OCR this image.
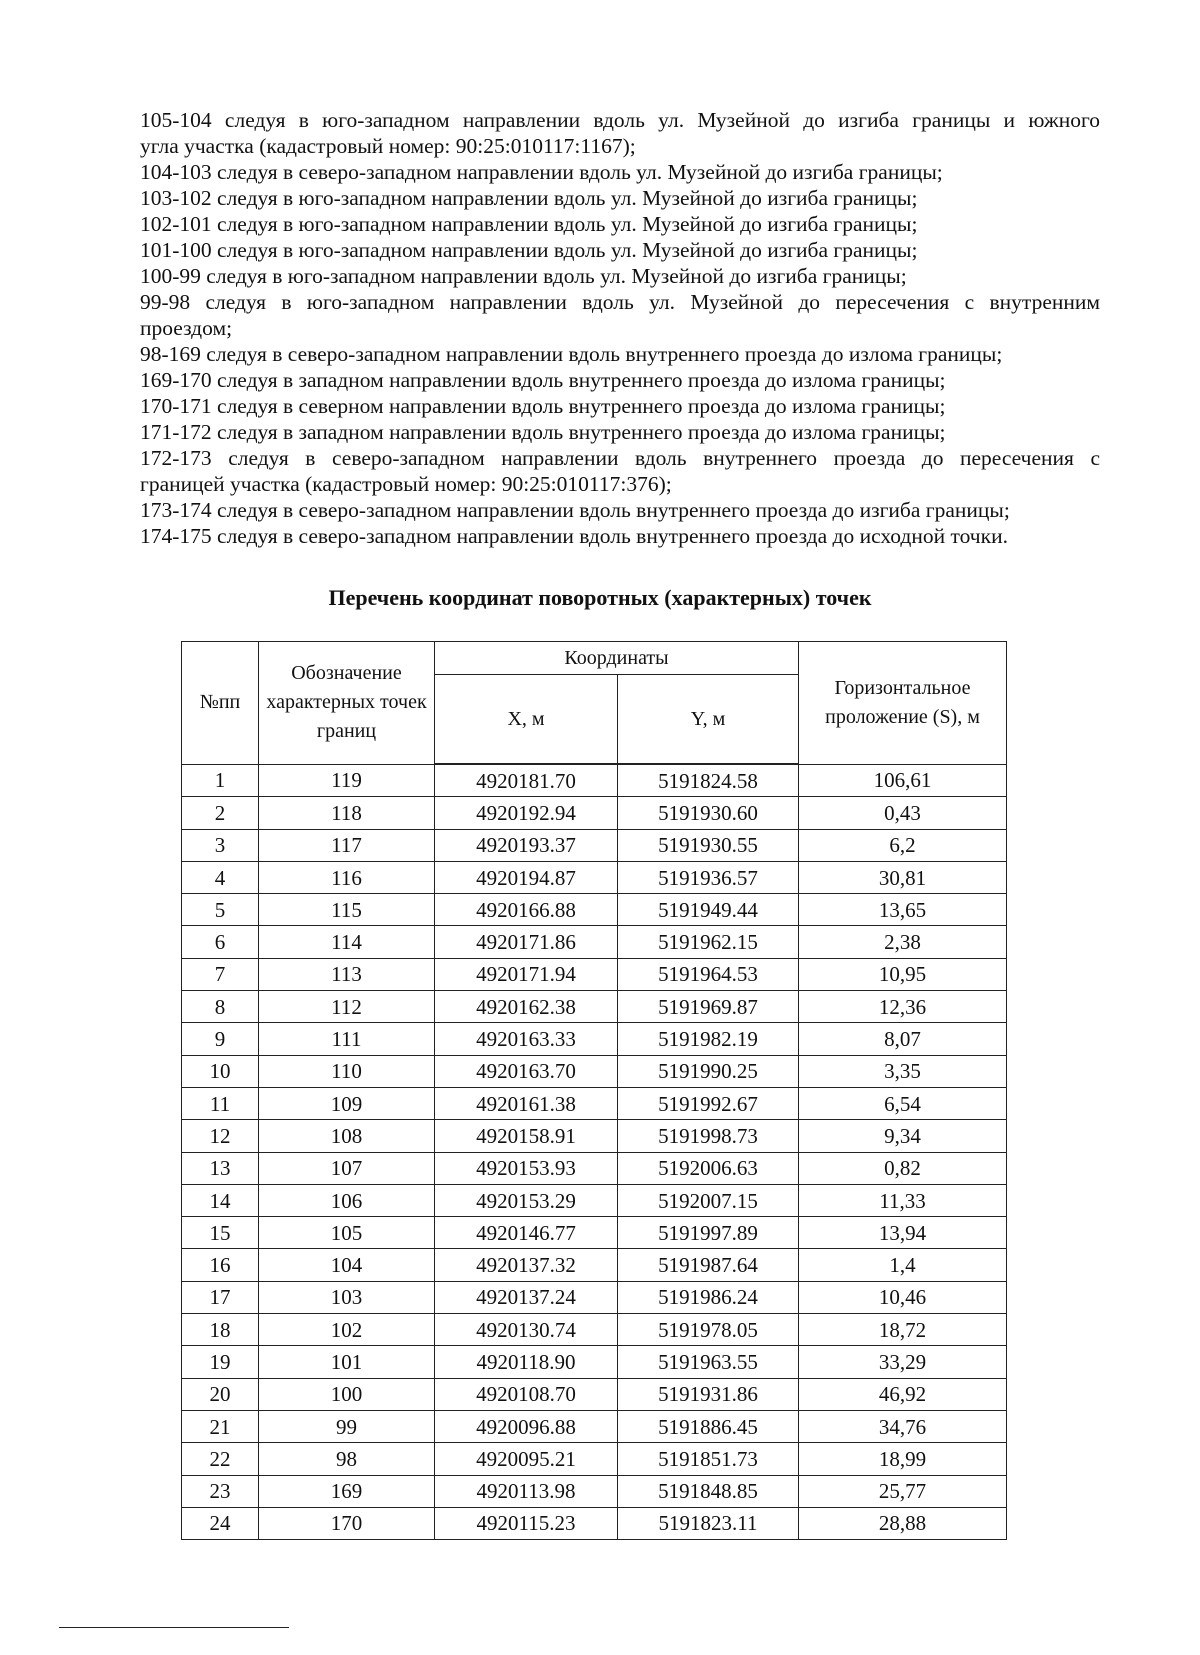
105-104 следуя в юго-западном направлении вдоль ул. Музейной до изгиба границы и южного

угла участка (кадастровый номер: 90:25:010117:1167);

104-103 следуя в северо-западном направлении вдоль ул. Музейной до изгиба границы;

103-102 следуя в юго-западном направлении вдоль ул. Музейной до изгиба границы;

102-101 следуя в юго-западном направлении вдоль ул. Музейной до изгиба границы;

101-100 следуя в юго-западном направлении вдоль ул. Музейной до изгиба границы;

100-99 следуя в юго-западном направлении вдоль ул. Музейной до изгиба границы;

99-98 следуя в юго-западном направлении вдоль ул. Музейной до пересечения с внутренним

проездом;

98-169 следуя в северо-западном направлении вдоль внутреннего проезда до излома границы;

169-170 следуя в западном направлении вдоль внутреннего проезда до излома границы;

170-171 следуя в северном направлении вдоль внутреннего проезда до излома границы;

171-172 следуя в западном направлении вдоль внутреннего проезда до излома границы;

172-173 следуя в северо-западном направлении вдоль внутреннего проезда до пересечения с

границей участка (кадастровый номер: 90:25:010117:376);

173-174 следуя в северо-западном направлении вдоль внутреннего проезда до изгиба границы;

174-175 следуя в северо-западном направлении вдоль внутреннего проезда до исходной точки.

Перечень координат поворотных (характерных) точек
№пп	Обозначение характерных точек границ	Координаты		Горизонтальное проложение (S), м
		X, м	Y, м	
1	119	4920181.70	5191824.58	106,61
2	118	4920192.94	5191930.60	0,43
3	117	4920193.37	5191930.55	6,2
4	116	4920194.87	5191936.57	30,81
5	115	4920166.88	5191949.44	13,65
6	114	4920171.86	5191962.15	2,38
7	113	4920171.94	5191964.53	10,95
8	112	4920162.38	5191969.87	12,36
9	111	4920163.33	5191982.19	8,07
10	110	4920163.70	5191990.25	3,35
11	109	4920161.38	5191992.67	6,54
12	108	4920158.91	5191998.73	9,34
13	107	4920153.93	5192006.63	0,82
14	106	4920153.29	5192007.15	11,33
15	105	4920146.77	5191997.89	13,94
16	104	4920137.32	5191987.64	1,4
17	103	4920137.24	5191986.24	10,46
18	102	4920130.74	5191978.05	18,72
19	101	4920118.90	5191963.55	33,29
20	100	4920108.70	5191931.86	46,92
21	99	4920096.88	5191886.45	34,76
22	98	4920095.21	5191851.73	18,99
23	169	4920113.98	5191848.85	25,77
24	170	4920115.23	5191823.11	28,88
